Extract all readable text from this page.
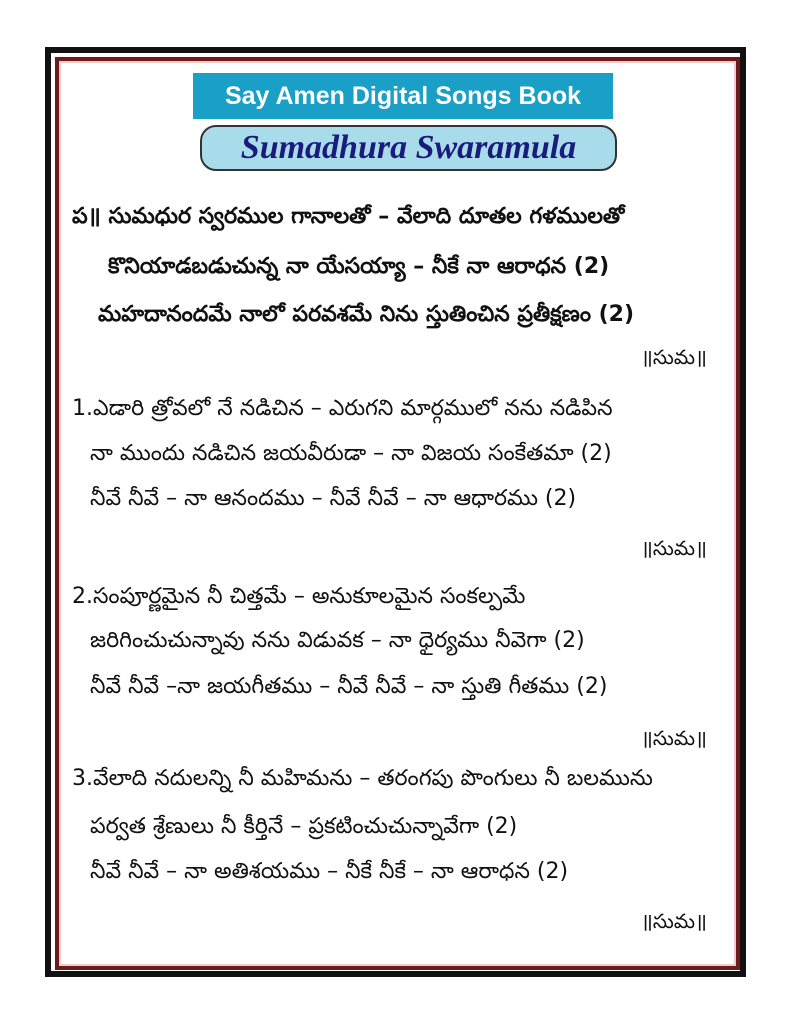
Say Amen Digital Songs Book
Sumadhura Swaramula
ప॥ సుమధుర స్వరముల గానాలతో – వేలాది దూతల గళములతో
కొనియాడబడుచున్న నా యేసయ్యా – నీకే నా ఆరాధన (2)
మహదానందమే నాలో పరవశమే నిను స్తుతించిన ప్రతీక్షణం (2)
॥సుమ॥
1.ఎడారి త్రోవలో నే నడిచిన – ఎరుగని మార్గములో నను నడిపిన
నా ముందు నడిచిన జయవీరుడా – నా విజయ సంకేతమా (2)
నీవే నీవే – నా ఆనందము – నీవే నీవే – నా ఆధారము (2)
॥సుమ॥
2.సంపూర్ణమైన నీ చిత్తమే – అనుకూలమైన సంకల్పమే
జరిగించుచున్నావు నను విడువక – నా ధైర్యము నీవెగా (2)
నీవే నీవే –నా జయగీతము – నీవే నీవే – నా స్తుతి గీతము (2)
॥సుమ॥
3.వేలాది నదులన్ని నీ మహిమను – తరంగపు పొంగులు నీ బలమును
పర్వత శ్రేణులు నీ కీర్తినే – ప్రకటించుచున్నావేగా (2)
నీవే నీవే – నా అతిశయము – నీకే నీకే – నా ఆరాధన (2)
॥సుమ॥
